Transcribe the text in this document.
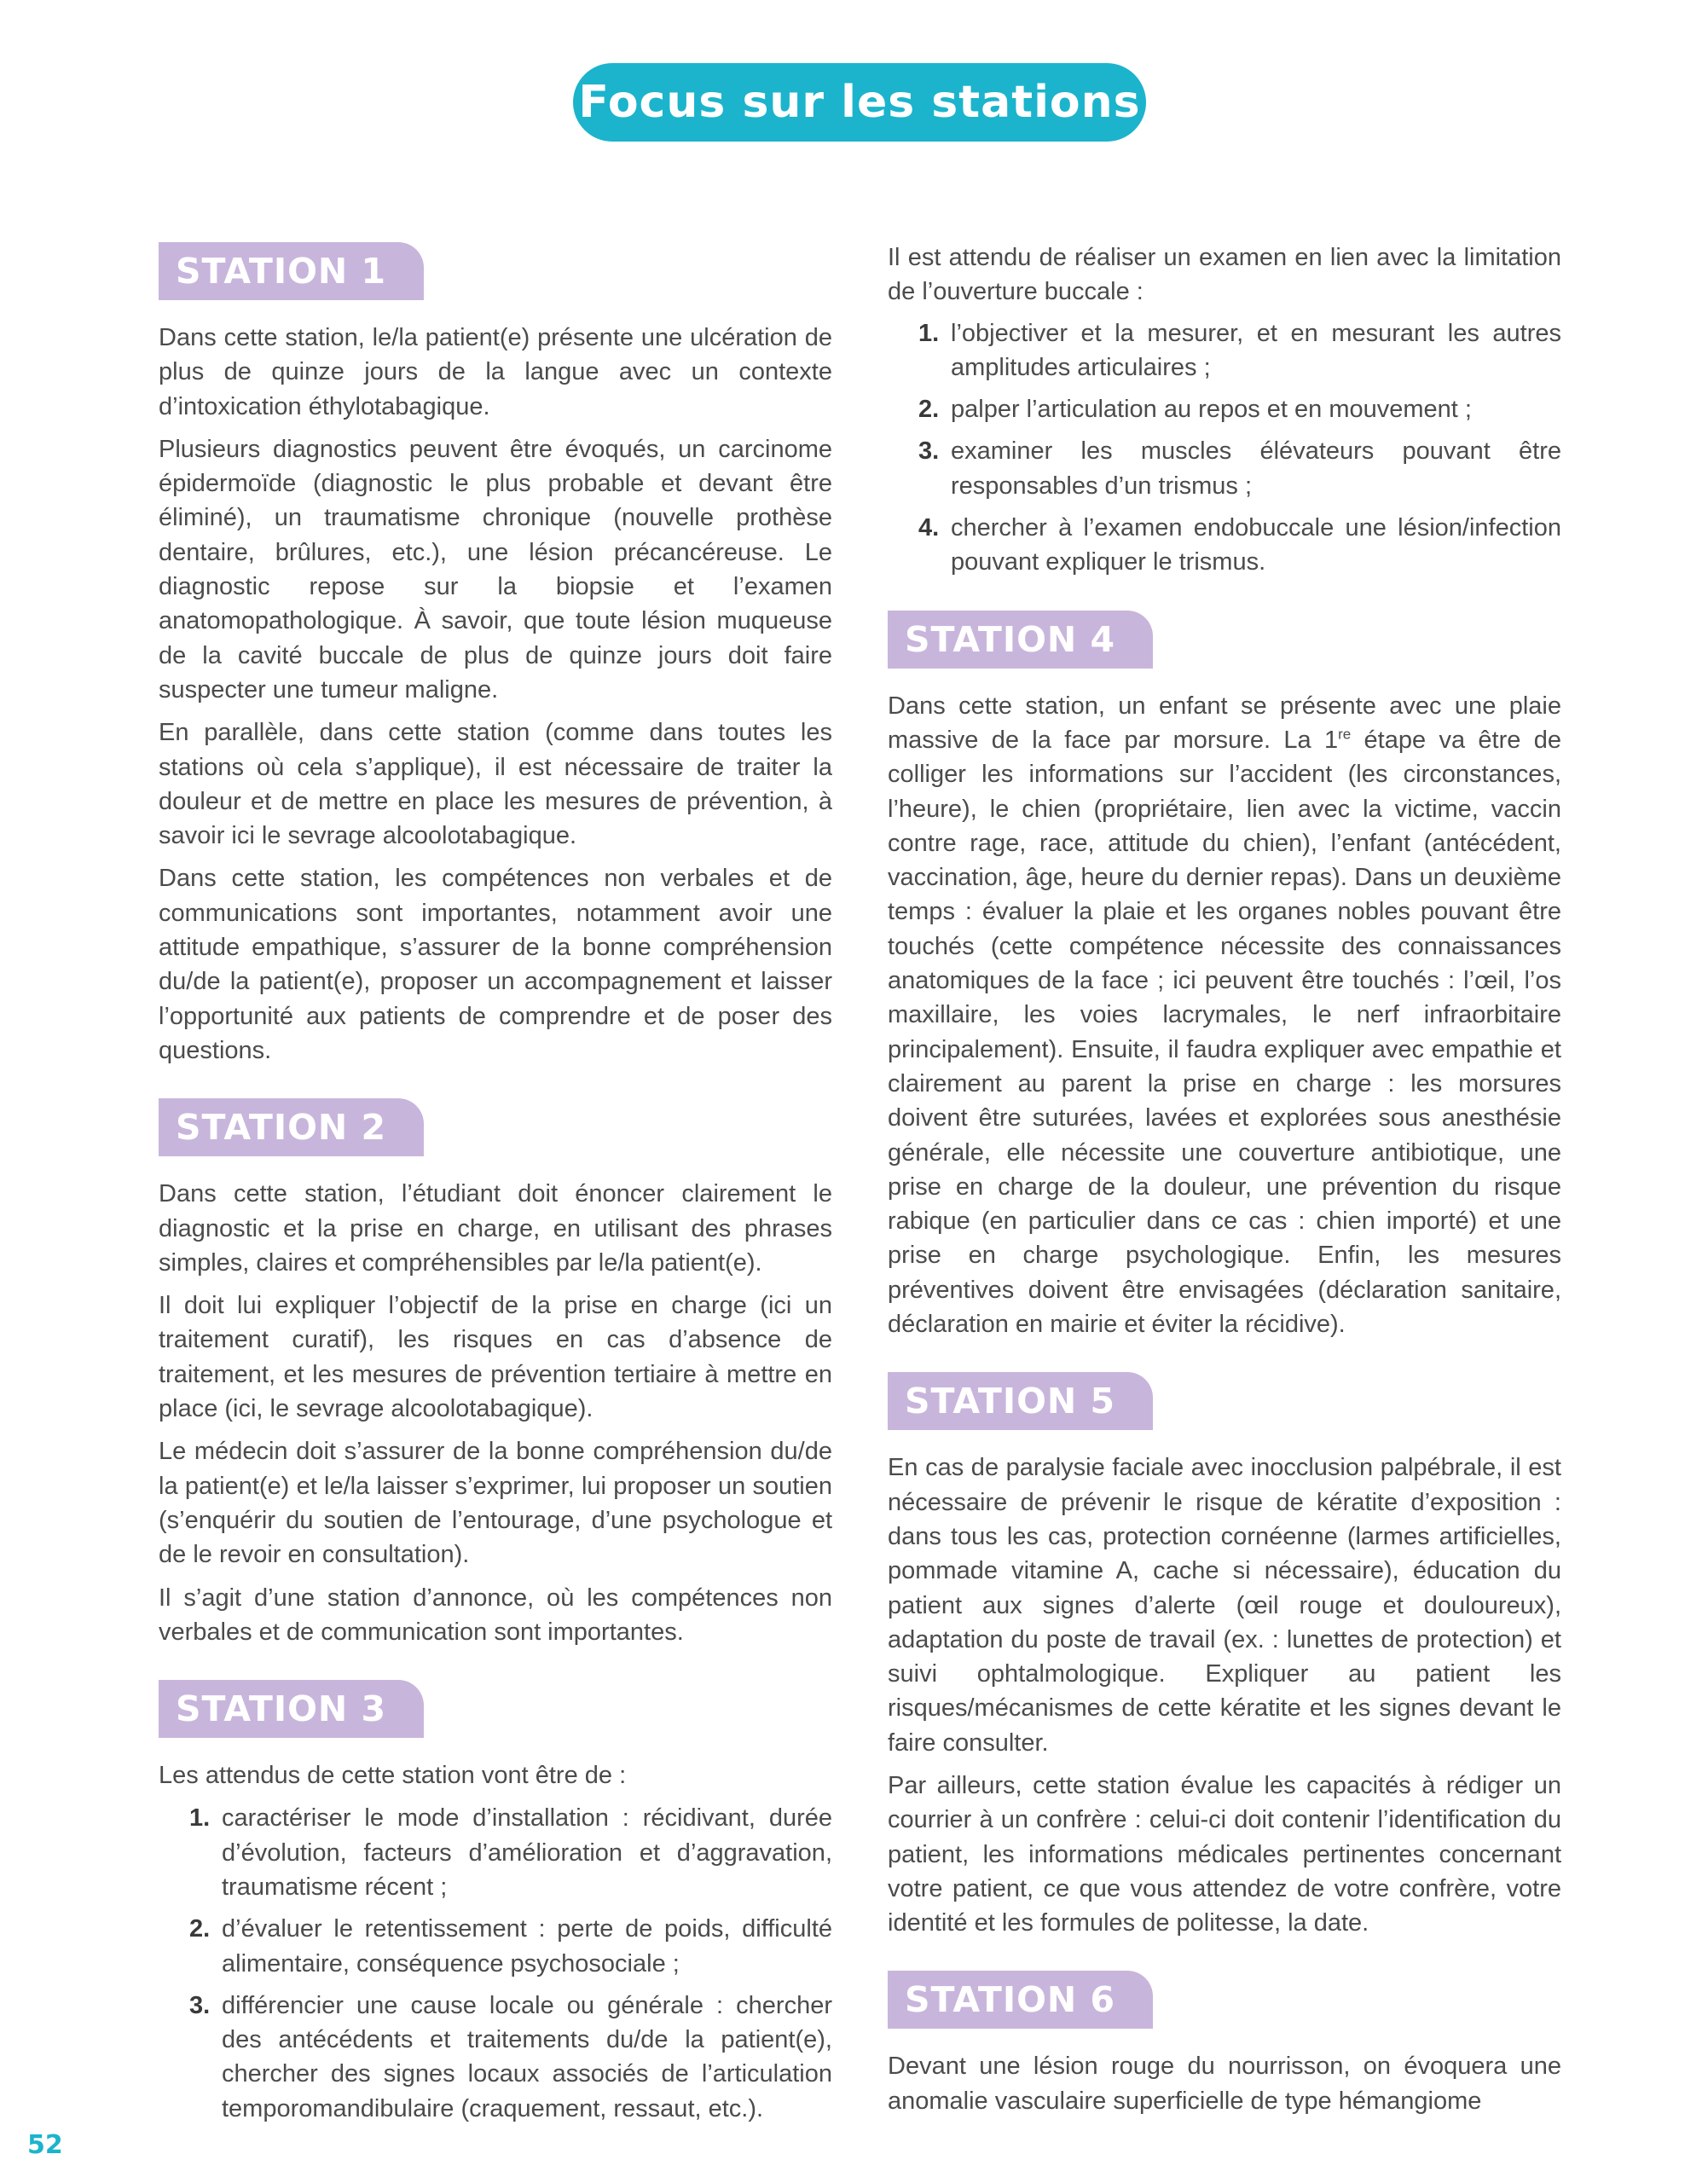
Focus sur les stations
STATION 1

Dans cette station, le/la patient(e) présente une ulcération de plus de quinze jours de la langue avec un contexte d’intoxication éthylotabagique.

Plusieurs diagnostics peuvent être évoqués, un carcinome épidermoïde (diagnostic le plus probable et devant être éliminé), un traumatisme chronique (nouvelle prothèse dentaire, brûlures, etc.), une lésion précancéreuse. Le diagnostic repose sur la biopsie et l’examen anatomopathologique. À savoir, que toute lésion muqueuse de la cavité buccale de plus de quinze jours doit faire suspecter une tumeur maligne.

En parallèle, dans cette station (comme dans toutes les stations où cela s’applique), il est nécessaire de traiter la douleur et de mettre en place les mesures de prévention, à savoir ici le sevrage alcoolotabagique.

Dans cette station, les compétences non verbales et de communications sont importantes, notamment avoir une attitude empathique, s’assurer de la bonne compréhension du/de la patient(e), proposer un accompagnement et laisser l’opportunité aux patients de comprendre et de poser des questions.

STATION 2

Dans cette station, l’étudiant doit énoncer clairement le diagnostic et la prise en charge, en utilisant des phrases simples, claires et compréhensibles par le/la patient(e).

Il doit lui expliquer l’objectif de la prise en charge (ici un traitement curatif), les risques en cas d’absence de traitement, et les mesures de prévention tertiaire à mettre en place (ici, le sevrage alcoolotabagique).

Le médecin doit s’assurer de la bonne compréhension du/de la patient(e) et le/la laisser s’exprimer, lui proposer un soutien (s’enquérir du soutien de l’entourage, d’une psychologue et de le revoir en consultation).

Il s’agit d’une station d’annonce, où les compétences non verbales et de communication sont importantes.

STATION 3

Les attendus de cette station vont être de :

1. caractériser le mode d’installation : récidivant, durée d’évolution, facteurs d’amélioration et d’aggravation, traumatisme récent ;
2. d’évaluer le retentissement : perte de poids, difficulté alimentaire, conséquence psychosociale ;
3. différencier une cause locale ou générale : chercher des antécédents et traitements du/de la patient(e), chercher des signes locaux associés de l’articulation temporomandibulaire (craquement, ressaut, etc.).

Il est attendu de réaliser un examen en lien avec la limitation de l’ouverture buccale :

1. l’objectiver et la mesurer, et en mesurant les autres amplitudes articulaires ;
2. palper l’articulation au repos et en mouvement ;
3. examiner les muscles élévateurs pouvant être responsables d’un trismus ;
4. chercher à l’examen endobuccale une lésion/infection pouvant expliquer le trismus.
STATION 4

Dans cette station, un enfant se présente avec une plaie massive de la face par morsure. La 1re étape va être de colliger les informations sur l’accident (les circonstances, l’heure), le chien (propriétaire, lien avec la victime, vaccin contre rage, race, attitude du chien), l’enfant (antécédent, vaccination, âge, heure du dernier repas). Dans un deuxième temps : évaluer la plaie et les organes nobles pouvant être touchés (cette compétence nécessite des connaissances anatomiques de la face ; ici peuvent être touchés : l’œil, l’os maxillaire, les voies lacrymales, le nerf infraorbitaire principalement). Ensuite, il faudra expliquer avec empathie et clairement au parent la prise en charge : les morsures doivent être suturées, lavées et explorées sous anesthésie générale, elle nécessite une couverture antibiotique, une prise en charge de la douleur, une prévention du risque rabique (en particulier dans ce cas : chien importé) et une prise en charge psychologique. Enfin, les mesures préventives doivent être envisagées (déclaration sanitaire, déclaration en mairie et éviter la récidive).

STATION 5

En cas de paralysie faciale avec inocclusion palpébrale, il est nécessaire de prévenir le risque de kératite d’exposition : dans tous les cas, protection cornéenne (larmes artificielles, pommade vitamine A, cache si nécessaire), éducation du patient aux signes d’alerte (œil rouge et douloureux), adaptation du poste de travail (ex. : lunettes de protection) et suivi ophtalmologique. Expliquer au patient les risques/mécanismes de cette kératite et les signes devant le faire consulter.

Par ailleurs, cette station évalue les capacités à rédiger un courrier à un confrère : celui-ci doit contenir l’identification du patient, les informations médicales pertinentes concernant votre patient, ce que vous attendez de votre confrère, votre identité et les formules de politesse, la date.

STATION 6

Devant une lésion rouge du nourrisson, on évoquera une anomalie vasculaire superficielle de type hémangiome

52
